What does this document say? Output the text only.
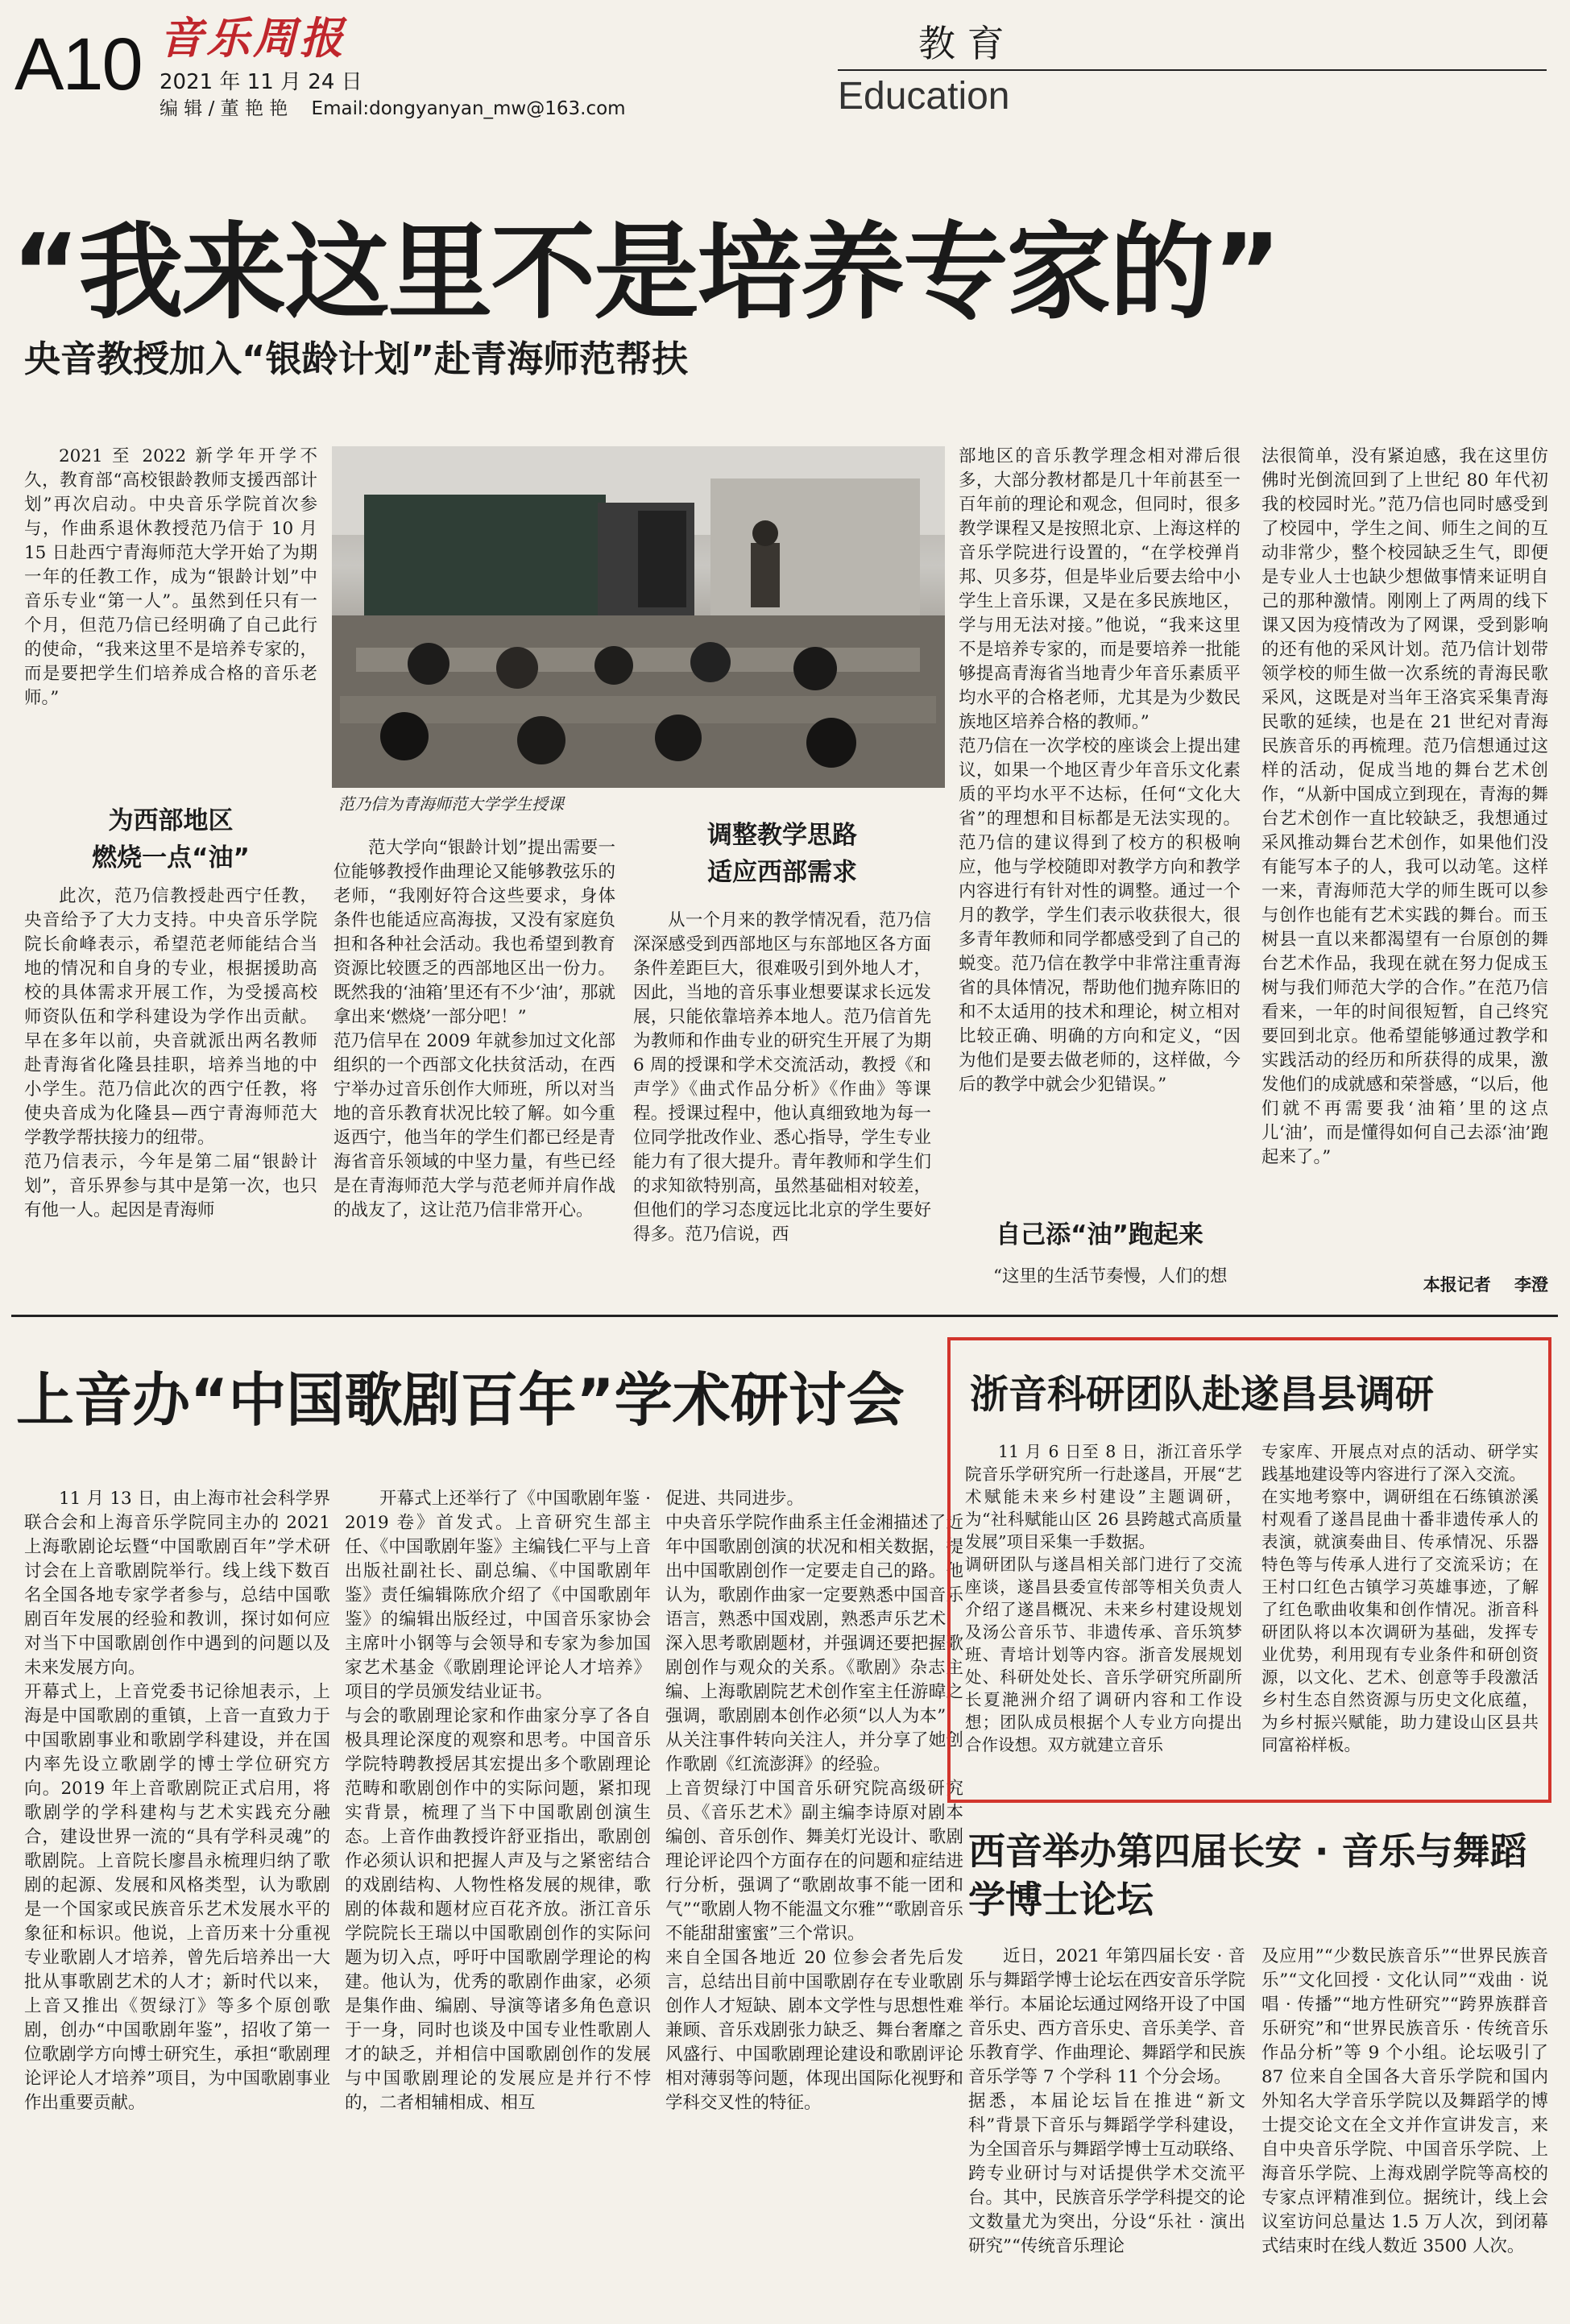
A10 音乐周报
2021 年 11 月 24 日
编 辑 / 董 艳 艳    Email:dongyanyan_mw@163.com
教 育
Education
“我来这里不是培养专家的”
央音教授加入“银龄计划”赴青海师范帮扶
范乃信为青海师范大学学生授课
2021 至 2022 新学年开学不久，教育部“高校银龄教师支援西部计划”再次启动。中央音乐学院首次参与，作曲系退休教授范乃信于 10 月 15 日赴西宁青海师范大学开始了为期一年的任教工作，成为“银龄计划”中音乐专业“第一人”。虽然到任只有一个月，但范乃信已经明确了自己此行的使命，“我来这里不是培养专家的，而是要把学生们培养成合格的音乐老师。”
为西部地区
燃烧一点“油”
此次，范乃信教授赴西宁任教，央音给予了大力支持。中央音乐学院院长俞峰表示，希望范老师能结合当地的情况和自身的专业，根据援助高校的具体需求开展工作，为受援高校师资队伍和学科建设为学作出贡献。早在多年以前，央音就派出两名教师赴青海省化隆县挂职，培养当地的中小学生。范乃信此次的西宁任教，将使央音成为化隆县—西宁青海师范大学教学帮扶接力的纽带。
范乃信表示，今年是第二届“银龄计划”，音乐界参与其中是第一次，也只有他一人。起因是青海师
范大学向“银龄计划”提出需要一位能够教授作曲理论又能够教弦乐的老师，“我刚好符合这些要求，身体条件也能适应高海拔，又没有家庭负担和各种社会活动。我也希望到教育资源比较匮乏的西部地区出一份力。既然我的‘油箱’里还有不少‘油’，那就拿出来‘燃烧’一部分吧！”
范乃信早在 2009 年就参加过文化部组织的一个西部文化扶贫活动，在西宁举办过音乐创作大师班，所以对当地的音乐教育状况比较了解。如今重返西宁，他当年的学生们都已经是青海省音乐领域的中坚力量，有些已经是在青海师范大学与范老师并肩作战的战友了，这让范乃信非常开心。
调整教学思路
适应西部需求
从一个月来的教学情况看，范乃信深深感受到西部地区与东部地区各方面条件差距巨大，很难吸引到外地人才，因此，当地的音乐事业想要谋求长远发展，只能依靠培养本地人。范乃信首先为教师和作曲专业的研究生开展了为期 6 周的授课和学术交流活动，教授《和声学》《曲式作品分析》《作曲》等课程。授课过程中，他认真细致地为每一位同学批改作业、悉心指导，学生专业能力有了很大提升。青年教师和学生们的求知欲特别高，虽然基础相对较差，但他们的学习态度远比北京的学生要好得多。范乃信说，西
部地区的音乐教学理念相对滞后很多，大部分教材都是几十年前甚至一百年前的理论和观念，但同时，很多教学课程又是按照北京、上海这样的音乐学院进行设置的，“在学校弹肖邦、贝多芬，但是毕业后要去给中小学生上音乐课，又是在多民族地区，学与用无法对接。”他说，“我来这里不是培养专家的，而是要培养一批能够提高青海省当地青少年音乐素质平均水平的合格老师，尤其是为少数民族地区培养合格的教师。”
范乃信在一次学校的座谈会上提出建议，如果一个地区青少年音乐文化素质的平均水平不达标，任何“文化大省”的理想和目标都是无法实现的。范乃信的建议得到了校方的积极响应，他与学校随即对教学方向和教学内容进行有针对性的调整。通过一个月的教学，学生们表示收获很大，很多青年教师和同学都感受到了自己的蜕变。范乃信在教学中非常注重青海省的具体情况，帮助他们抛弃陈旧的和不太适用的技术和理论，树立相对比较正确、明确的方向和定义，“因为他们是要去做老师的，这样做，今后的教学中就会少犯错误。”
自己添“油”跑起来
“这里的生活节奏慢，人们的想
法很简单，没有紧迫感，我在这里仿佛时光倒流回到了上世纪 80 年代初我的校园时光。”范乃信也同时感受到了校园中，学生之间、师生之间的互动非常少，整个校园缺乏生气，即便是专业人士也缺少想做事情来证明自己的那种激情。刚刚上了两周的线下课又因为疫情改为了网课，受到影响的还有他的采风计划。范乃信计划带领学校的师生做一次系统的青海民歌采风，这既是对当年王洛宾采集青海民歌的延续，也是在 21 世纪对青海民族音乐的再梳理。范乃信想通过这样的活动，促成当地的舞台艺术创作，“从新中国成立到现在，青海的舞台艺术创作一直比较缺乏，我想通过采风推动舞台艺术创作，如果他们没有能写本子的人，我可以动笔。这样一来，青海师范大学的师生既可以参与创作也能有艺术实践的舞台。而玉树县一直以来都渴望有一台原创的舞台艺术作品，我现在就在努力促成玉树与我们师范大学的合作。”在范乃信看来，一年的时间很短暂，自己终究要回到北京。他希望能够通过教学和实践活动的经历和所获得的成果，激发他们的成就感和荣誉感，“以后，他们就不再需要我‘油箱’里的这点儿‘油’，而是懂得如何自己去添‘油’跑起来了。”
本报记者    李澄
上音办“中国歌剧百年”学术研讨会
11 月 13 日，由上海市社会科学界联合会和上海音乐学院同主办的 2021 上海歌剧论坛暨“中国歌剧百年”学术研讨会在上音歌剧院举行。线上线下数百名全国各地专家学者参与，总结中国歌剧百年发展的经验和教训，探讨如何应对当下中国歌剧创作中遇到的问题以及未来发展方向。
开幕式上，上音党委书记徐旭表示，上海是中国歌剧的重镇，上音一直致力于中国歌剧事业和歌剧学科建设，并在国内率先设立歌剧学的博士学位研究方向。2019 年上音歌剧院正式启用，将歌剧学的学科建构与艺术实践充分融合，建设世界一流的“具有学科灵魂”的歌剧院。上音院长廖昌永梳理归纳了歌剧的起源、发展和风格类型，认为歌剧是一个国家或民族音乐艺术发展水平的象征和标识。他说，上音历来十分重视专业歌剧人才培养，曾先后培养出一大批从事歌剧艺术的人才；新时代以来，上音又推出《贺绿汀》等多个原创歌剧，创办“中国歌剧年鉴”，招收了第一位歌剧学方向博士研究生，承担“歌剧理论评论人才培养”项目，为中国歌剧事业作出重要贡献。
开幕式上还举行了《中国歌剧年鉴 · 2019 卷》首发式。上音研究生部主任、《中国歌剧年鉴》主编钱仁平与上音出版社副社长、副总编、《中国歌剧年鉴》责任编辑陈欣介绍了《中国歌剧年鉴》的编辑出版经过，中国音乐家协会主席叶小钢等与会领导和专家为参加国家艺术基金《歌剧理论评论人才培养》项目的学员颁发结业证书。
与会的歌剧理论家和作曲家分享了各自极具理论深度的观察和思考。中国音乐学院特聘教授居其宏提出多个歌剧理论范畴和歌剧创作中的实际问题，紧扣现实背景，梳理了当下中国歌剧创演生态。上音作曲教授许舒亚指出，歌剧创作必须认识和把握人声及与之紧密结合的戏剧结构、人物性格发展的规律，歌剧的体裁和题材应百花齐放。浙江音乐学院院长王瑞以中国歌剧创作的实际问题为切入点，呼吁中国歌剧学理论的构建。他认为，优秀的歌剧作曲家，必须是集作曲、编剧、导演等诸多角色意识于一身，同时也谈及中国专业性歌剧人才的缺乏，并相信中国歌剧创作的发展与中国歌剧理论的发展应是并行不悖的，二者相辅相成、相互
促进、共同进步。
中央音乐学院作曲系主任金湘描述了近年中国歌剧创演的状况和相关数据，提出中国歌剧创作一定要走自己的路。他认为，歌剧作曲家一定要熟悉中国音乐语言，熟悉中国戏剧，熟悉声乐艺术，深入思考歌剧题材，并强调还要把握歌剧创作与观众的关系。《歌剧》杂志主编、上海歌剧院艺术创作室主任游暐之强调，歌剧剧本创作必须“以人为本”，从关注事件转向关注人，并分享了她创作歌剧《红流澎湃》的经验。
上音贺绿汀中国音乐研究院高级研究员、《音乐艺术》副主编李诗原对剧本编创、音乐创作、舞美灯光设计、歌剧理论评论四个方面存在的问题和症结进行分析，强调了“歌剧故事不能一团和气”“歌剧人物不能温文尔雅”“歌剧音乐不能甜甜蜜蜜”三个常识。
来自全国各地近 20 位参会者先后发言，总结出目前中国歌剧存在专业歌剧创作人才短缺、剧本文学性与思想性难兼顾、音乐戏剧张力缺乏、舞台奢靡之风盛行、中国歌剧理论建设和歌剧评论相对薄弱等问题，体现出国际化视野和学科交叉性的特征。
浙音科研团队赴遂昌县调研
11 月 6 日至 8 日，浙江音乐学院音乐学研究所一行赴遂昌，开展“艺术赋能未来乡村建设”主题调研，为“社科赋能山区 26 县跨越式高质量发展”项目采集一手数据。
调研团队与遂昌相关部门进行了交流座谈，遂昌县委宣传部等相关负责人介绍了遂昌概况、未来乡村建设规划及汤公音乐节、非遗传承、音乐筑梦班、青培计划等内容。浙音发展规划处、科研处处长、音乐学研究所副所长夏滟洲介绍了调研内容和工作设想；团队成员根据个人专业方向提出合作设想。双方就建立音乐
专家库、开展点对点的活动、研学实践基地建设等内容进行了深入交流。
在实地考察中，调研组在石练镇淤溪村观看了遂昌昆曲十番非遗传承人的表演，就演奏曲目、传承情况、乐器特色等与传承人进行了交流采访；在王村口红色古镇学习英雄事迹，了解了红色歌曲收集和创作情况。浙音科研团队将以本次调研为基础，发挥专业优势，利用现有专业条件和研创资源，以文化、艺术、创意等手段激活乡村生态自然资源与历史文化底蕴，为乡村振兴赋能，助力建设山区县共同富裕样板。
西音举办第四届长安 · 音乐与舞蹈学博士论坛
近日，2021 年第四届长安 · 音乐与舞蹈学博士论坛在西安音乐学院举行。本届论坛通过网络开设了中国音乐史、西方音乐史、音乐美学、音乐教育学、作曲理论、舞蹈学和民族音乐学等 7 个学科 11 个分会场。
据悉，本届论坛旨在推进“新文科”背景下音乐与舞蹈学学科建设，为全国音乐与舞蹈学博士互动联络、跨专业研讨与对话提供学术交流平台。其中，民族音乐学学科提交的论文数量尤为突出，分设“乐社 · 演出研究”“传统音乐理论
及应用”“少数民族音乐”“世界民族音乐”“文化回授 · 文化认同”“戏曲 · 说唱 · 传播”“地方性研究”“跨界族群音乐研究”和“世界民族音乐 · 传统音乐作品分析”等 9 个小组。论坛吸引了 87 位来自全国各大音乐学院和国内外知名大学音乐学院以及舞蹈学的博士提交论文在全文并作宣讲发言，来自中央音乐学院、中国音乐学院、上海音乐学院、上海戏剧学院等高校的专家点评精准到位。据统计，线上会议室访问总量达 1.5 万人次，到闭幕式结束时在线人数近 3500 人次。
